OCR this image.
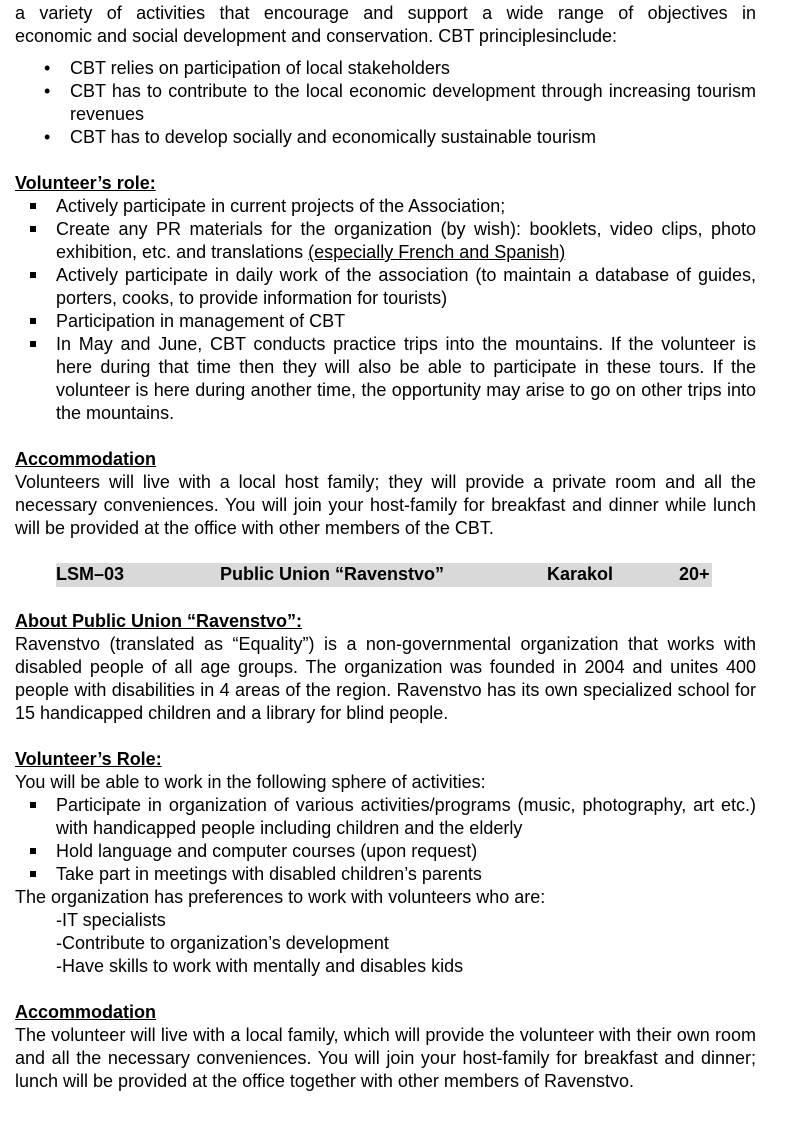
a variety of activities that encourage and support a wide range of objectives in

economic and social development and conservation. CBT principlesinclude:

• CBT relies on participation of local stakeholders
• CBT has to contribute to the local economic development through increasing tourism revenues
• CBT has to develop socially and economically sustainable tourism

Volunteer’s role:

Actively participate in current projects of the Association;
Create any PR materials for the organization (by wish): booklets, video clips, photo exhibition, etc. and translations (especially French and Spanish)
Actively participate in daily work of the association (to maintain a database of guides, porters, cooks, to provide information for tourists)
Participation in management of CBT
In May and June, CBT conducts practice trips into the mountains. If the volunteer is here during that time then they will also be able to participate in these tours. If the volunteer is here during another time, the opportunity may arise to go on other trips into the mountains.

Accommodation

Volunteers will live with a local host family; they will provide a private room and all the necessary conveniences. You will join your host-family for breakfast and dinner while lunch will be provided at the office with other members of the CBT.

LSM–03	Public Union “Ravenstvo”	Karakol	20+

About Public Union “Ravenstvo”:

Ravenstvo (translated as “Equality”) is a non-governmental organization that works with disabled people of all age groups. The organization was founded in 2004 and unites 400 people with disabilities in 4 areas of the region. Ravenstvo has its own specialized school for 15 handicapped children and a library for blind people.

Volunteer’s Role:

You will be able to work in the following sphere of activities:

Participate in organization of various activities/programs (music, photography, art etc.) with handicapped people including children and the elderly
Hold language and computer courses (upon request)
Take part in meetings with disabled children’s parents

The organization has preferences to work with volunteers who are:

-IT specialists

-Contribute to organization’s development

-Have skills to work with mentally and disables kids

Accommodation

The volunteer will live with a local family, which will provide the volunteer with their own room and all the necessary conveniences. You will join your host-family for breakfast and dinner; lunch will be provided at the office together with other members of Ravenstvo.
